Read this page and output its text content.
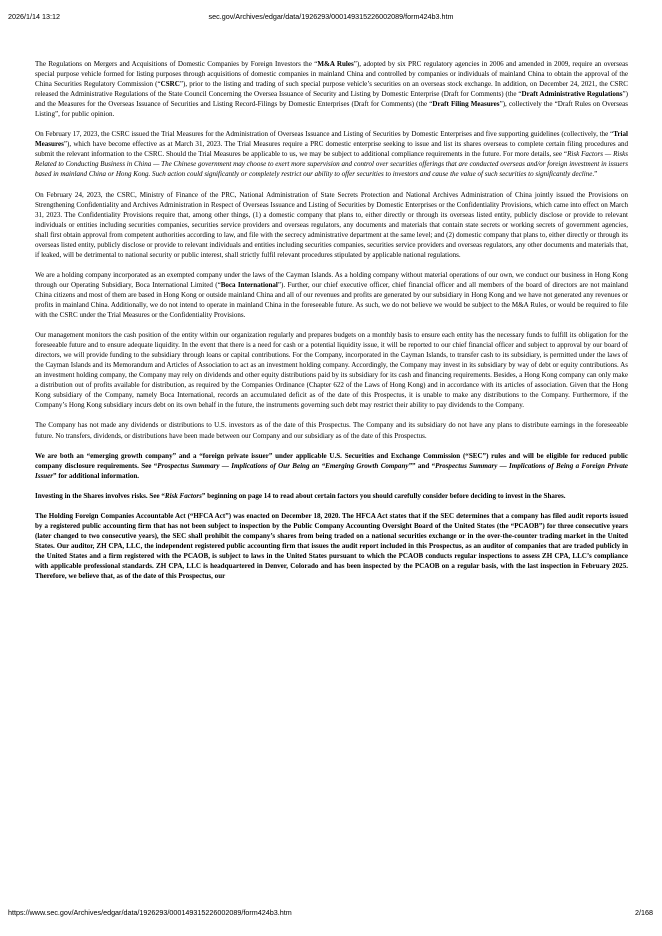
2026/1/14 13:12	sec.gov/Archives/edgar/data/1926293/000149315226002089/form424b3.htm

The Regulations on Mergers and Acquisitions of Domestic Companies by Foreign Investors the “M&A Rules”), adopted by six PRC regulatory agencies in 2006 and amended in 2009, require an overseas special purpose vehicle formed for listing purposes through acquisitions of domestic companies in mainland China and controlled by companies or individuals of mainland China to obtain the approval of the China Securities Regulatory Commission (“CSRC”), prior to the listing and trading of such special purpose vehicle’s securities on an overseas stock exchange. In addition, on December 24, 2021, the CSRC released the Administrative Regulations of the State Council Concerning the Oversea Issuance of Security and Listing by Domestic Enterprise (Draft for Comments) (the “Draft Administrative Regulations”) and the Measures for the Overseas Issuance of Securities and Listing Record-Filings by Domestic Enterprises (Draft for Comments) (the “Draft Filing Measures”), collectively the “Draft Rules on Overseas Listing”, for public opinion.

On February 17, 2023, the CSRC issued the Trial Measures for the Administration of Overseas Issuance and Listing of Securities by Domestic Enterprises and five supporting guidelines (collectively, the “Trial Measures”), which have become effective as at March 31, 2023. The Trial Measures require a PRC domestic enterprise seeking to issue and list its shares overseas to complete certain filing procedures and submit the relevant information to the CSRC. Should the Trial Measures be applicable to us, we may be subject to additional compliance requirements in the future. For more details, see “Risk Factors — Risks Related to Conducting Business in China — The Chinese government may choose to exert more supervision and control over securities offerings that are conducted overseas and/or foreign investment in issuers based in mainland China or Hong Kong. Such action could significantly or completely restrict our ability to offer securities to investors and cause the value of such securities to significantly decline.”

On February 24, 2023, the CSRC, Ministry of Finance of the PRC, National Administration of State Secrets Protection and National Archives Administration of China jointly issued the Provisions on Strengthening Confidentiality and Archives Administration in Respect of Overseas Issuance and Listing of Securities by Domestic Enterprises or the Confidentiality Provisions, which came into effect on March 31, 2023. The Confidentiality Provisions require that, among other things, (1) a domestic company that plans to, either directly or through its overseas listed entity, publicly disclose or provide to relevant individuals or entities including securities companies, securities service providers and overseas regulators, any documents and materials that contain state secrets or working secrets of government agencies, shall first obtain approval from competent authorities according to law, and file with the secrecy administrative department at the same level; and (2) domestic company that plans to, either directly or through its overseas listed entity, publicly disclose or provide to relevant individuals and entities including securities companies, securities service providers and overseas regulators, any other documents and materials that, if leaked, will be detrimental to national security or public interest, shall strictly fulfil relevant procedures stipulated by applicable national regulations.

We are a holding company incorporated as an exempted company under the laws of the Cayman Islands. As a holding company without material operations of our own, we conduct our business in Hong Kong through our Operating Subsidiary, Boca International Limited (“Boca International”). Further, our chief executive officer, chief financial officer and all members of the board of directors are not mainland China citizens and most of them are based in Hong Kong or outside mainland China and all of our revenues and profits are generated by our subsidiary in Hong Kong and we have not generated any revenues or profits in mainland China. Additionally, we do not intend to operate in mainland China in the foreseeable future. As such, we do not believe we would be subject to the M&A Rules, or would be required to file with the CSRC under the Trial Measures or the Confidentiality Provisions.

Our management monitors the cash position of the entity within our organization regularly and prepares budgets on a monthly basis to ensure each entity has the necessary funds to fulfill its obligation for the foreseeable future and to ensure adequate liquidity. In the event that there is a need for cash or a potential liquidity issue, it will be reported to our chief financial officer and subject to approval by our board of directors, we will provide funding to the subsidiary through loans or capital contributions. For the Company, incorporated in the Cayman Islands, to transfer cash to its subsidiary, is permitted under the laws of the Cayman Islands and its Memorandum and Articles of Association to act as an investment holding company. Accordingly, the Company may invest in its subsidiary by way of debt or equity contributions. As an investment holding company, the Company may rely on dividends and other equity distributions paid by its subsidiary for its cash and financing requirements. Besides, a Hong Kong company can only make a distribution out of profits available for distribution, as required by the Companies Ordinance (Chapter 622 of the Laws of Hong Kong) and in accordance with its articles of association. Given that the Hong Kong subsidiary of the Company, namely Boca International, records an accumulated deficit as of the date of this Prospectus, it is unable to make any distributions to the Company. Furthermore, if the Company’s Hong Kong subsidiary incurs debt on its own behalf in the future, the instruments governing such debt may restrict their ability to pay dividends to the Company.

The Company has not made any dividends or distributions to U.S. investors as of the date of this Prospectus. The Company and its subsidiary do not have any plans to distribute earnings in the foreseeable future. No transfers, dividends, or distributions have been made between our Company and our subsidiary as of the date of this Prospectus.

We are both an “emerging growth company” and a “foreign private issuer” under applicable U.S. Securities and Exchange Commission (“SEC”) rules and will be eligible for reduced public company disclosure requirements. See “Prospectus Summary — Implications of Our Being an “Emerging Growth Company”” and “Prospectus Summary — Implications of Being a Foreign Private Issuer” for additional information.

Investing in the Shares involves risks. See “Risk Factors” beginning on page 14 to read about certain factors you should carefully consider before deciding to invest in the Shares.

The Holding Foreign Companies Accountable Act (“HFCA Act”) was enacted on December 18, 2020. The HFCA Act states that if the SEC determines that a company has filed audit reports issued by a registered public accounting firm that has not been subject to inspection by the Public Company Accounting Oversight Board of the United States (the “PCAOB”) for three consecutive years (later changed to two consecutive years), the SEC shall prohibit the company’s shares from being traded on a national securities exchange or in the over-the-counter trading market in the United States. Our auditor, ZH CPA, LLC, the independent registered public accounting firm that issues the audit report included in this Prospectus, as an auditor of companies that are traded publicly in the United States and a firm registered with the PCAOB, is subject to laws in the United States pursuant to which the PCAOB conducts regular inspections to assess ZH CPA, LLC’s compliance with applicable professional standards. ZH CPA, LLC is headquartered in Denver, Colorado and has been inspected by the PCAOB on a regular basis, with the last inspection in February 2025. Therefore, we believe that, as of the date of this Prospectus, our

https://www.sec.gov/Archives/edgar/data/1926293/000149315226002089/form424b3.htm	2/168
